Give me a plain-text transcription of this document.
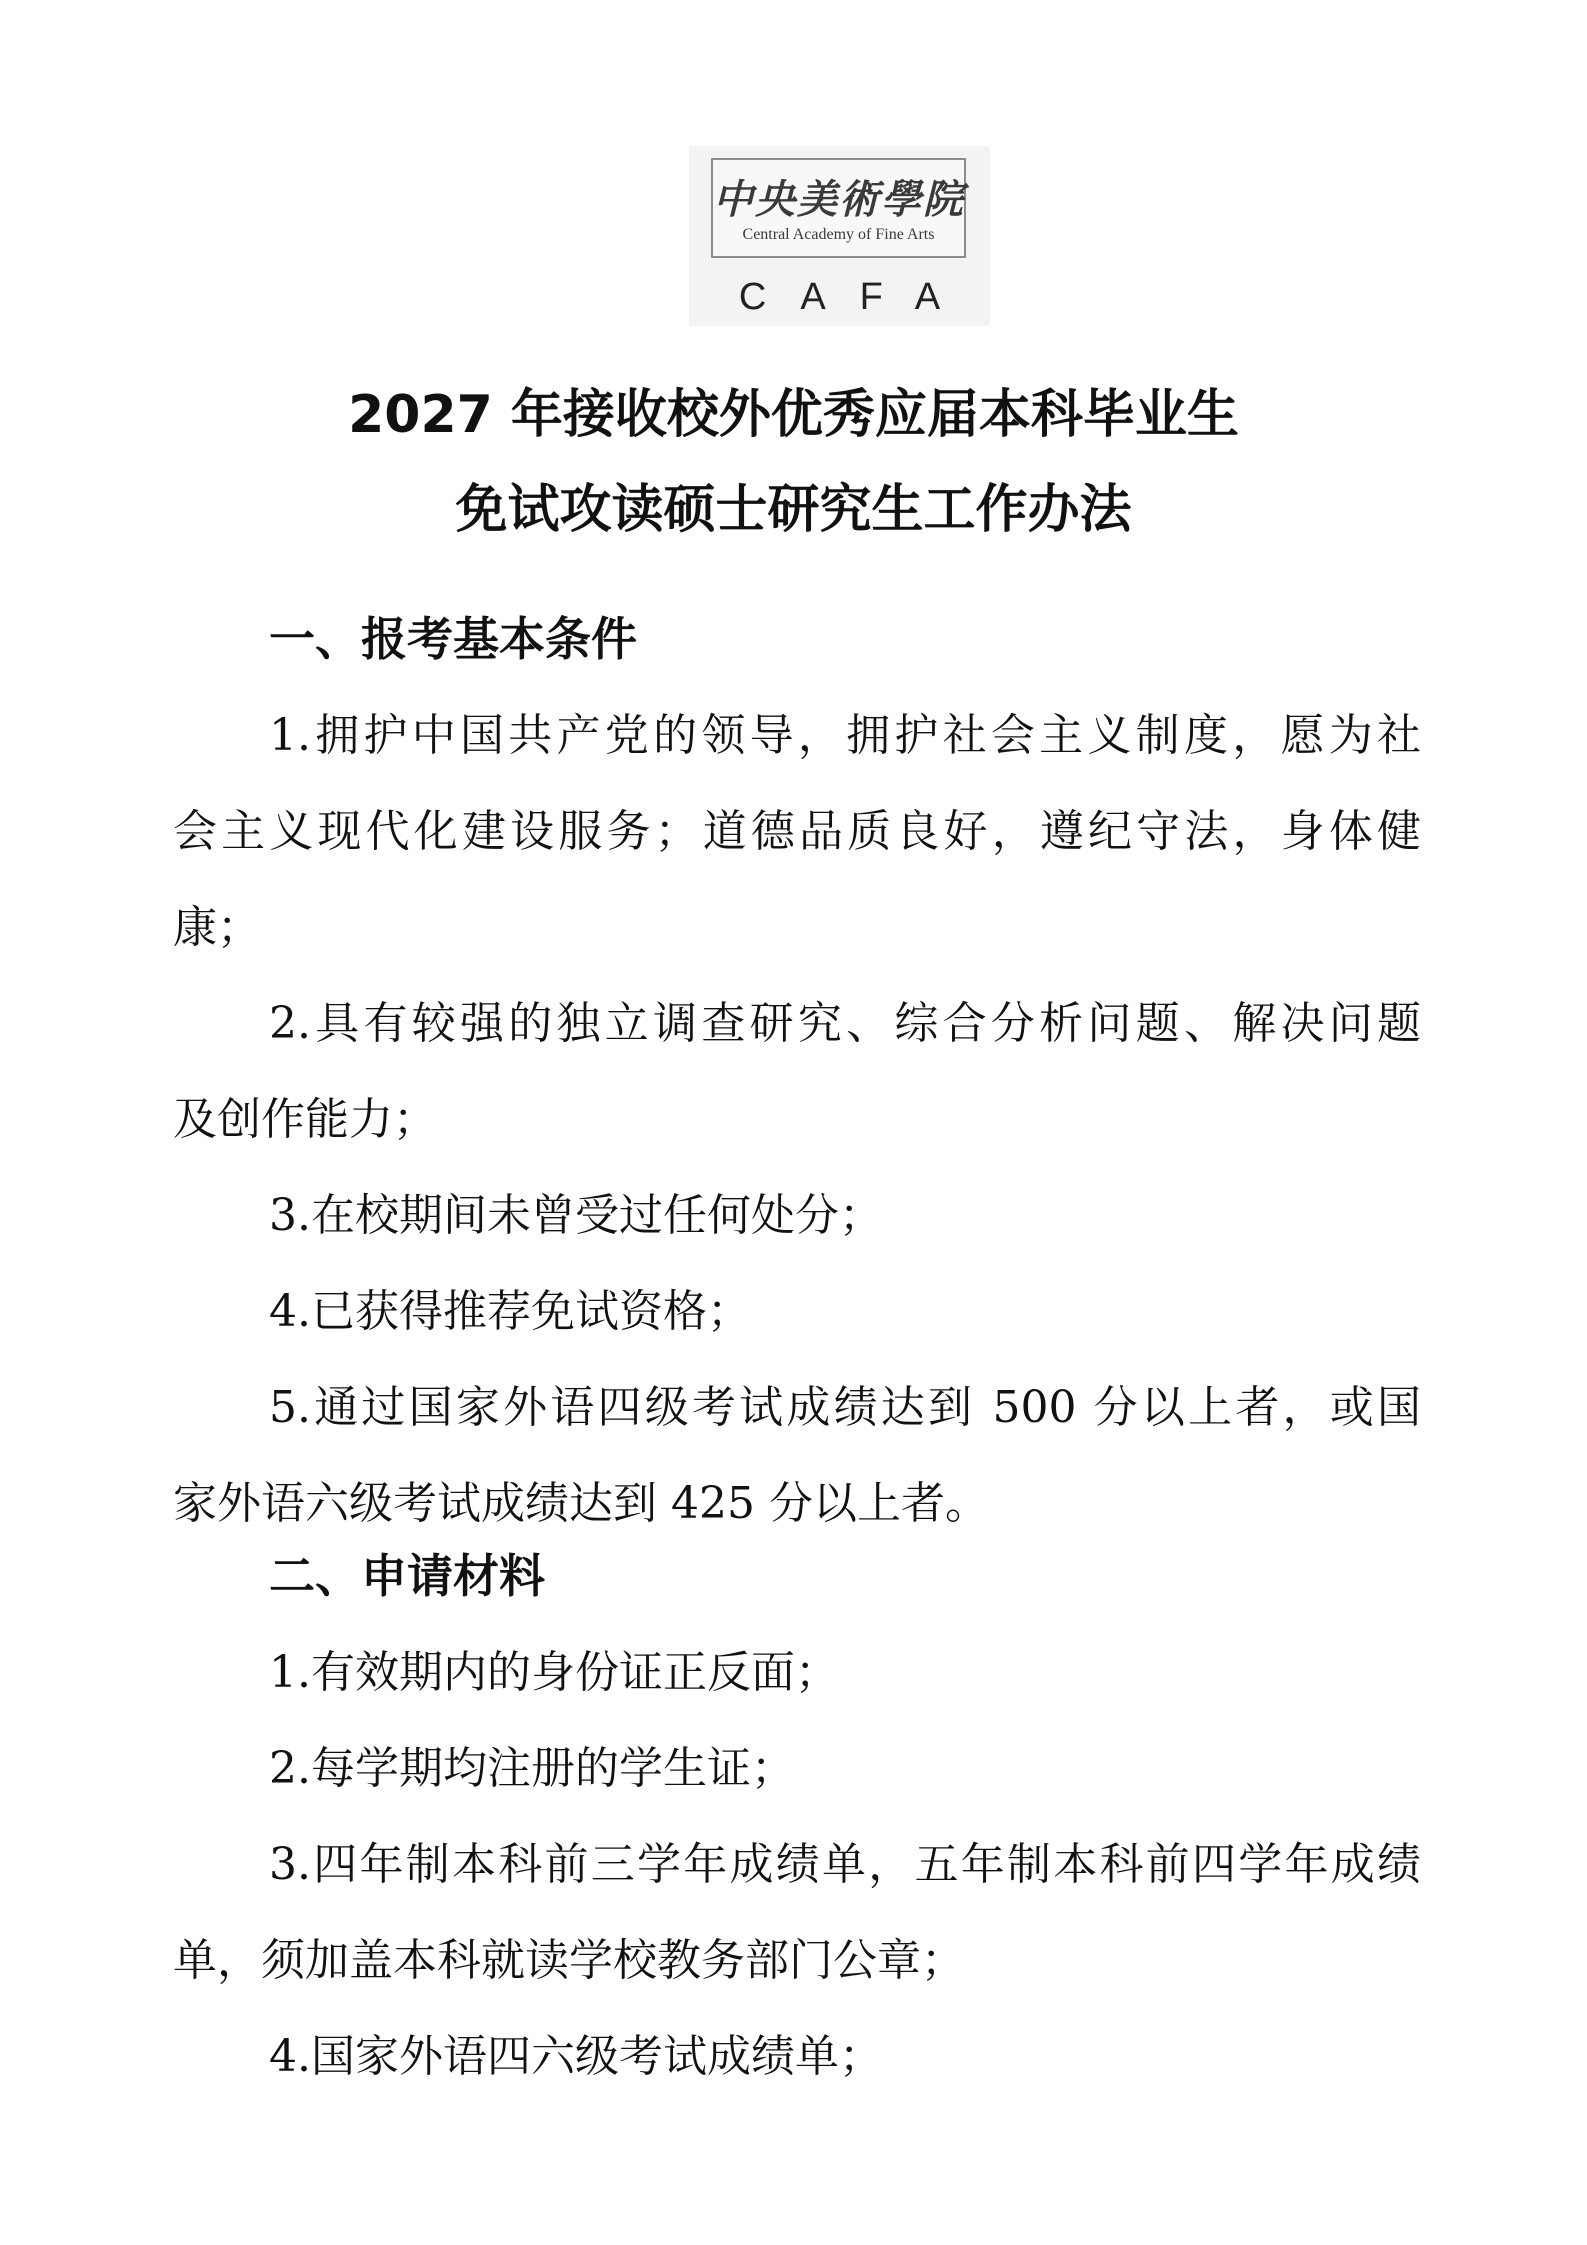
中央美術學院
Central Academy of Fine Arts
CAFA
2027 年接收校外优秀应届本科毕业生
免试攻读硕士研究生工作办法
一、报考基本条件
1.拥护中国共产党的领导，拥护社会主义制度，愿为社
会主义现代化建设服务；道德品质良好，遵纪守法，身体健
康；
2.具有较强的独立调查研究、综合分析问题、解决问题
及创作能力；
3.在校期间未曾受过任何处分；
4.已获得推荐免试资格；
5.通过国家外语四级考试成绩达到 500 分以上者，或国
家外语六级考试成绩达到 425 分以上者。
二、申请材料
1.有效期内的身份证正反面；
2.每学期均注册的学生证；
3.四年制本科前三学年成绩单，五年制本科前四学年成绩
单，须加盖本科就读学校教务部门公章；
4.国家外语四六级考试成绩单；
